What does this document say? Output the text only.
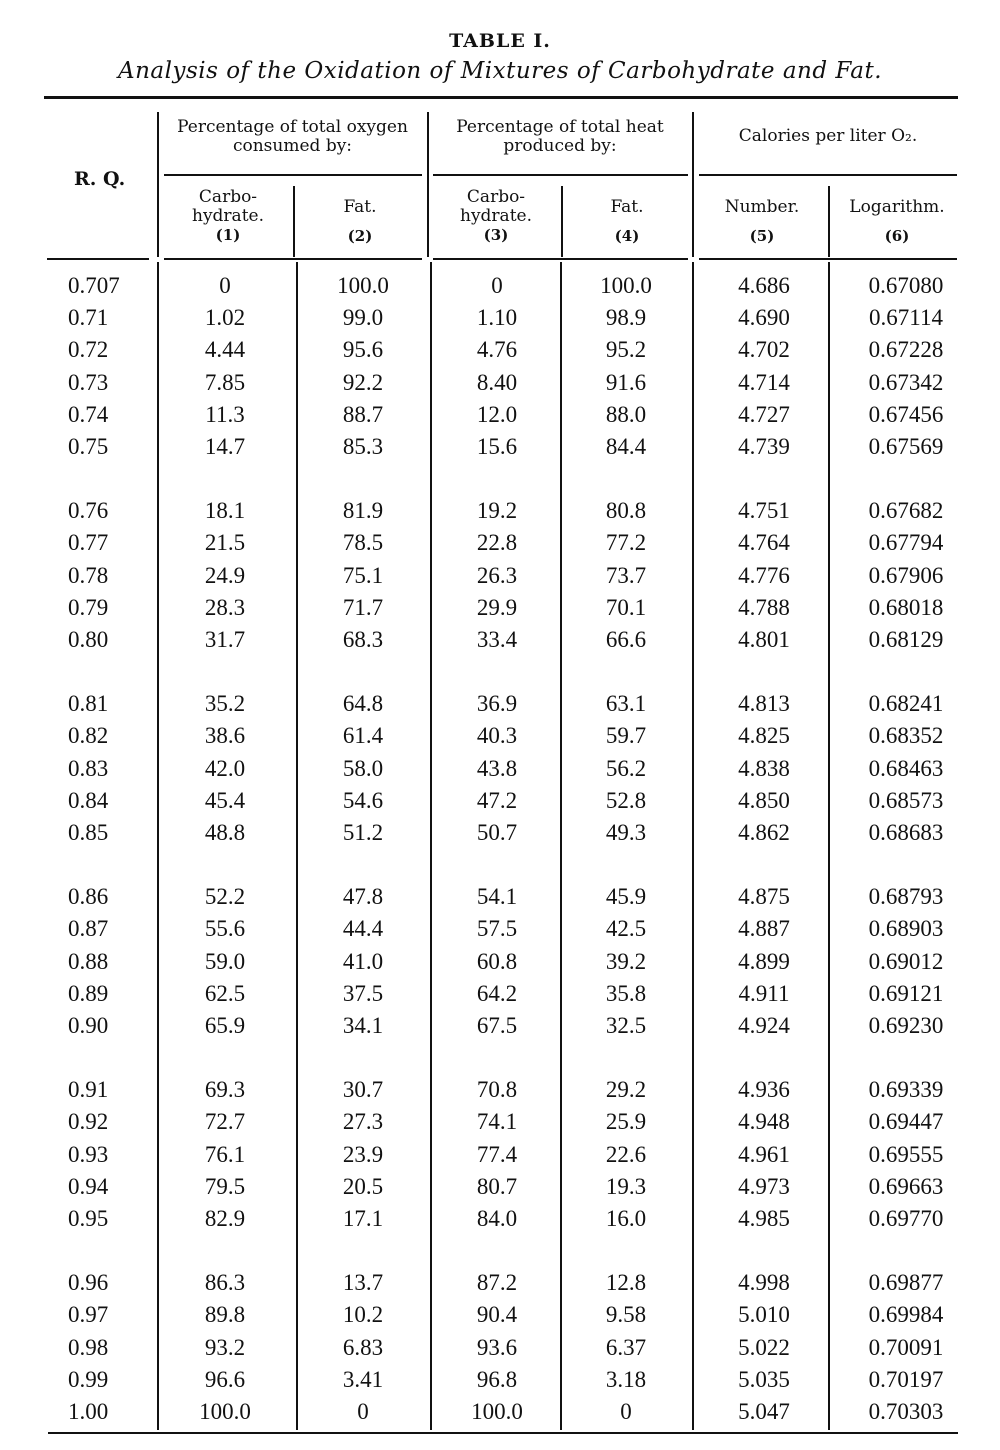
TABLE I.
Analysis of the Oxidation of Mixtures of Carbohydrate and Fat.
R. Q.
Percentage of total oxygen consumed by:
Percentage of total heat produced by:	Calories per liter O₂.
Carbo-hydrate.
(1)
Fat.
(2)
Carbo-hydrate.
(3)
Fat.
(4)
Number.
(5)
Logarithm.
(6)
0.707	0	100.0	0	100.0	4.686	0.67080
0.71	1.02	99.0	1.10	98.9	4.690	0.67114
0.72	4.44	95.6	4.76	95.2	4.702	0.67228
0.73	7.85	92.2	8.40	91.6	4.714	0.67342
0.74	11.3	88.7	12.0	88.0	4.727	0.67456
0.75	14.7	85.3	15.6	84.4	4.739	0.67569
0.76	18.1	81.9	19.2	80.8	4.751	0.67682
0.77	21.5	78.5	22.8	77.2	4.764	0.67794
0.78	24.9	75.1	26.3	73.7	4.776	0.67906
0.79	28.3	71.7	29.9	70.1	4.788	0.68018
0.80	31.7	68.3	33.4	66.6	4.801	0.68129
0.81	35.2	64.8	36.9	63.1	4.813	0.68241
0.82	38.6	61.4	40.3	59.7	4.825	0.68352
0.83	42.0	58.0	43.8	56.2	4.838	0.68463
0.84	45.4	54.6	47.2	52.8	4.850	0.68573
0.85	48.8	51.2	50.7	49.3	4.862	0.68683
0.86	52.2	47.8	54.1	45.9	4.875	0.68793
0.87	55.6	44.4	57.5	42.5	4.887	0.68903
0.88	59.0	41.0	60.8	39.2	4.899	0.69012
0.89	62.5	37.5	64.2	35.8	4.911	0.69121
0.90	65.9	34.1	67.5	32.5	4.924	0.69230
0.91	69.3	30.7	70.8	29.2	4.936	0.69339
0.92	72.7	27.3	74.1	25.9	4.948	0.69447
0.93	76.1	23.9	77.4	22.6	4.961	0.69555
0.94	79.5	20.5	80.7	19.3	4.973	0.69663
0.95	82.9	17.1	84.0	16.0	4.985	0.69770
0.96	86.3	13.7	87.2	12.8	4.998	0.69877
0.97	89.8	10.2	90.4	9.58	5.010	0.69984
0.98	93.2	6.83	93.6	6.37	5.022	0.70091
0.99	96.6	3.41	96.8	3.18	5.035	0.70197
1.00	100.0	0	100.0	0	5.047	0.70303
